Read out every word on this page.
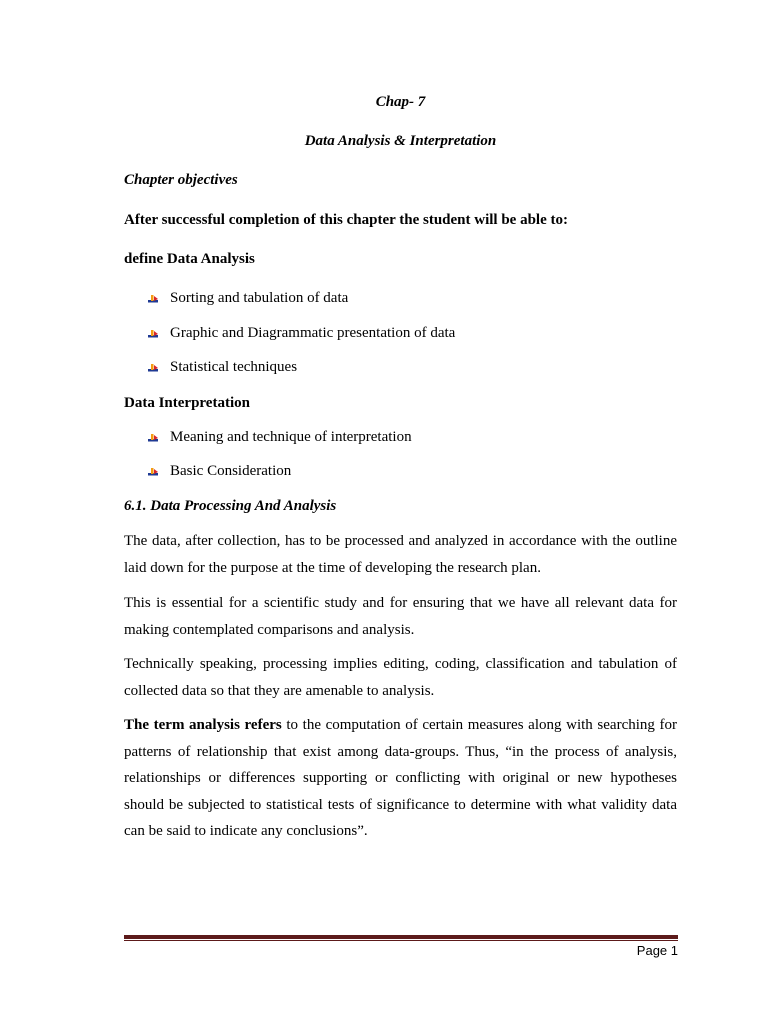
Chap- 7
Data Analysis & Interpretation
Chapter objectives
After successful completion of this chapter the student will be able to:
define Data Analysis
Sorting and tabulation of data
Graphic and Diagrammatic presentation of data
Statistical techniques
Data Interpretation
Meaning and technique of interpretation
Basic Consideration
6.1. Data Processing And Analysis
The data, after collection, has to be processed and analyzed in accordance with the outline laid down for the purpose at the time of developing the research plan.
This is essential for a scientific study and for ensuring that we have all relevant data for making contemplated comparisons and analysis.
Technically speaking, processing implies editing, coding, classification and tabulation of collected data so that they are amenable to analysis.
The term analysis refers to the computation of certain measures along with searching for patterns of relationship that exist among data-groups. Thus, “in the process of analysis, relationships or differences supporting or conflicting with original or new hypotheses should be subjected to statistical tests of significance to determine with what validity data can be said to indicate any conclusions”.
Page 1
